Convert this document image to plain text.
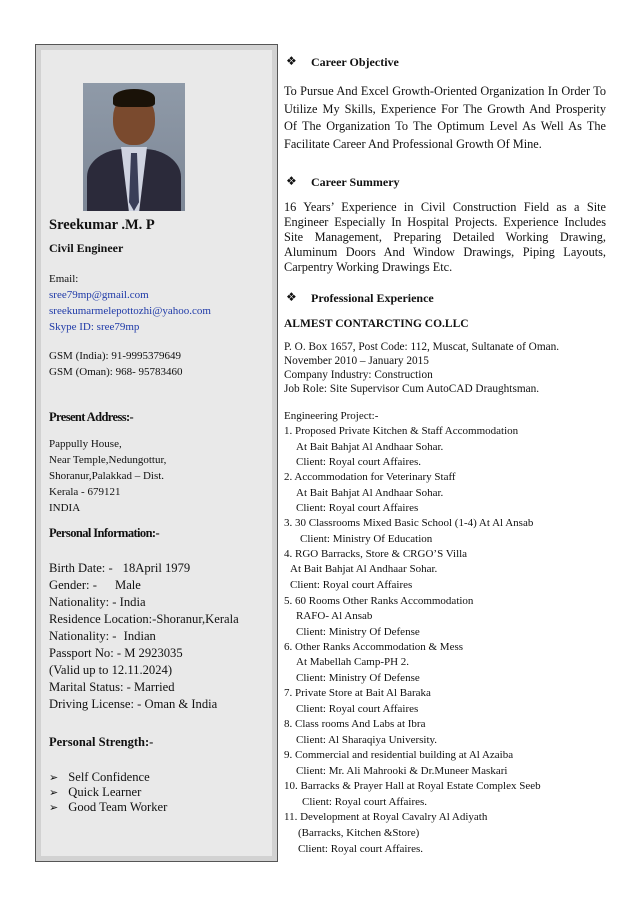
Sreekumar .M. P
Civil Engineer
Email:
sree79mp@gmail.com
sreekumarmelepottozhi@yahoo.com
Skype ID: sree79mp
GSM (India): 91-9995379649
GSM (Oman): 968- 95783460
Present Address:-
Pappully House,
Near Temple,Nedungottur,
Shoranur,Palakkad – Dist.
Kerala - 679121
INDIA
Personal Information:-
Birth Date: - 18April 1979
Gender: - Male
Nationality: - India
Residence Location:-Shoranur,Kerala
Nationality: - Indian
Passport No: - M 2923035
(Valid up to 12.11.2024)
Marital Status: - Married
Driving License: - Oman & India
Personal Strength:-
➢ Self Confidence
➢ Quick Learner
➢ Good Team Worker
❖Career Objective
To Pursue And Excel Growth-Oriented Organization In Order To Utilize My Skills, Experience For The Growth And Prosperity Of The Organization To The Optimum Level As Well As The Facilitate Career And Professional Growth Of Mine.
❖Career Summery
16 Years’ Experience in Civil Construction Field as a Site Engineer Especially In Hospital Projects. Experience Includes Site Management, Preparing Detailed Working Drawing, Aluminum Doors And Window Drawings, Piping Layouts, Carpentry Working Drawings Etc.
❖Professional Experience
ALMEST CONTARCTING CO.LLC
P. O. Box 1657, Post Code: 112, Muscat, Sultanate of Oman.
November 2010 – January 2015
Company Industry: Construction
Job Role: Site Supervisor Cum AutoCAD Draughtsman.
Engineering Project:-
1. Proposed Private Kitchen & Staff Accommodation
At Bait Bahjat Al Andhaar Sohar.
Client: Royal court Affaires.
2. Accommodation for Veterinary Staff
At Bait Bahjat Al Andhaar Sohar.
Client: Royal court Affaires
3. 30 Classrooms Mixed Basic School (1-4) At Al Ansab
Client: Ministry Of Education
4. RGO Barracks, Store & CRGO’S Villa
At Bait Bahjat Al Andhaar Sohar.
Client: Royal court Affaires
5. 60 Rooms Other Ranks Accommodation
RAFO- Al Ansab
Client: Ministry Of Defense
6. Other Ranks Accommodation & Mess
At Mabellah Camp-PH 2.
Client: Ministry Of Defense
7. Private Store at Bait Al Baraka
Client: Royal court Affaires
8. Class rooms And Labs at Ibra
Client: Al Sharaqiya University.
9. Commercial and residential building at Al Azaiba
Client: Mr. Ali Mahrooki & Dr.Muneer Maskari
10. Barracks & Prayer Hall at Royal Estate Complex Seeb
Client: Royal court Affaires.
11. Development at Royal Cavalry Al Adiyath
(Barracks, Kitchen &Store)
Client: Royal court Affaires.
